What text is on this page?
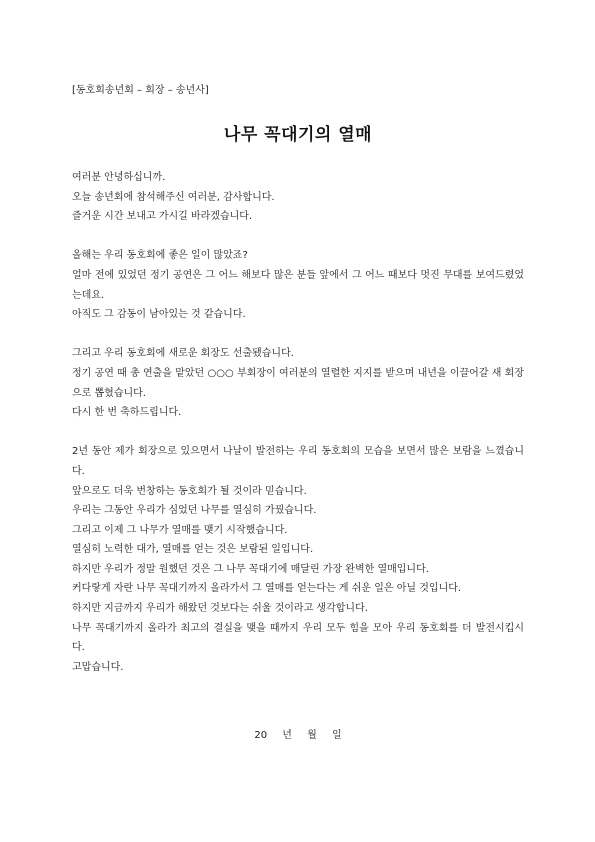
[동호회송년회 – 회장 – 송년사]
나무 꼭대기의 열매

여러분 안녕하십니까.

오늘 송년회에 참석해주신 여러분, 감사합니다.

즐거운 시간 보내고 가시길 바라겠습니다.

올해는 우리 동호회에 좋은 일이 많았죠?

얼마 전에 있었던 정기 공연은 그 어느 해보다 많은 분들 앞에서 그 어느 때보다 멋진 무대를 보여드렸었는데요.

아직도 그 감동이 남아있는 것 같습니다.

그리고 우리 동호회에 새로운 회장도 선출됐습니다.

정기 공연 때 총 연출을 맡았던 ○○○ 부회장이 여러분의 열렬한 지지를 받으며 내년을 이끌어갈 새 회장으로 뽑혔습니다.

다시 한 번 축하드립니다.

2년 동안 제가 회장으로 있으면서 나날이 발전하는 우리 동호회의 모습을 보면서 많은 보람을 느꼈습니다.

앞으로도 더욱 번창하는 동호회가 될 것이라 믿습니다.

우리는 그동안 우리가 심었던 나무를 열심히 가꿨습니다.

그리고 이제 그 나무가 열매를 맺기 시작했습니다.

열심히 노력한 대가, 열매를 얻는 것은 보람된 일입니다.

하지만 우리가 정말 원했던 것은 그 나무 꼭대기에 매달린 가장 완벽한 열매입니다.

커다랗게 자란 나무 꼭대기까지 올라가서 그 열매를 얻는다는 게 쉬운 일은 아닐 것입니다.

하지만 지금까지 우리가 해왔던 것보다는 쉬울 것이라고 생각합니다.

나무 꼭대기까지 올라가 최고의 결실을 맺을 때까지 우리 모두 힘을 모아 우리 동호회를 더 발전시킵시다.

고맙습니다.

20 년 월 일
